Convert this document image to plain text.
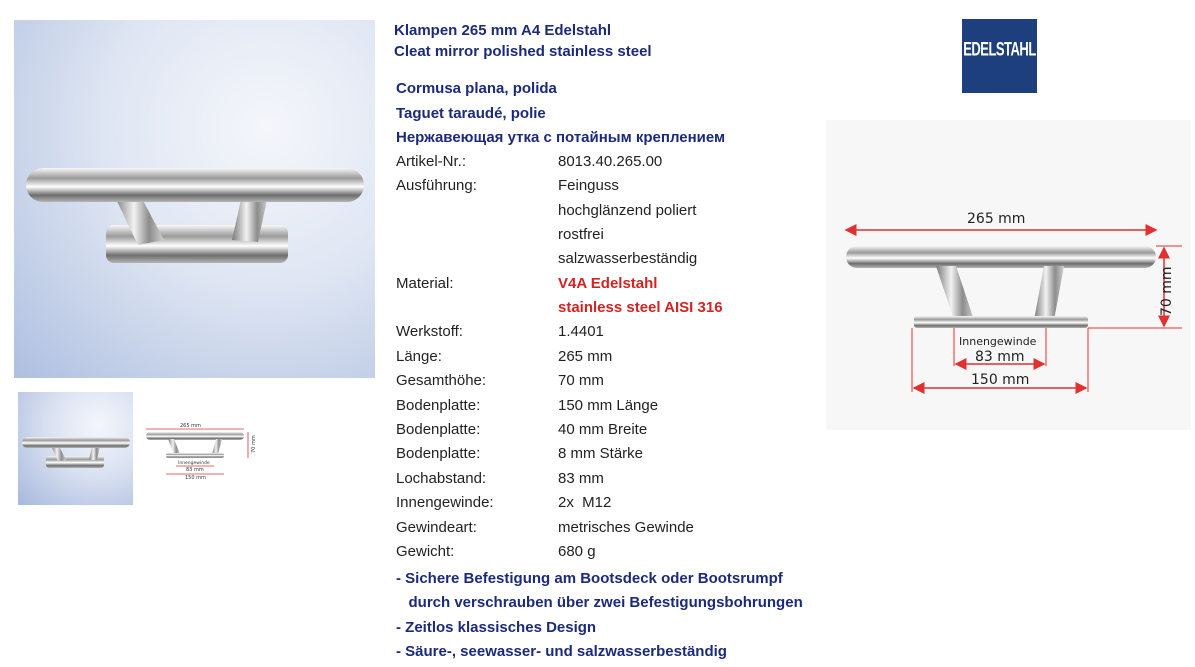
265 mm
70 mm
Innengewinde
83 mm
150 mm
Klampen 265 mm A4 Edelstahl
Cleat mirror polished stainless steel
Cormusa plana, polida
Taguet taraudé, polie
Нержавеющая утка с потайным креплением
Artikel-Nr.:	8013.40.265.00
Ausführung:	Feinguss
hochglänzend poliert
rostfrei
salzwasserbeständig
Material:	V4A Edelstahl
stainless steel AISI 316
Werkstoff:	1.4401
Länge:	265 mm
Gesamthöhe:	70 mm
Bodenplatte:	150 mm Länge
Bodenplatte:	40 mm Breite
Bodenplatte:	8 mm Stärke
Lochabstand:	83 mm
Innengewinde:	2x  M12
Gewindeart:	metrisches Gewinde
Gewicht:	680 g
- Sichere Befestigung am Bootsdeck oder Bootsrumpf
durch verschrauben über zwei Befestigungsbohrungen
- Zeitlos klassisches Design
- Säure-, seewasser- und salzwasserbeständig
EDELSTAHL
265 mm
70 mm
Innengewinde
83 mm
150 mm
